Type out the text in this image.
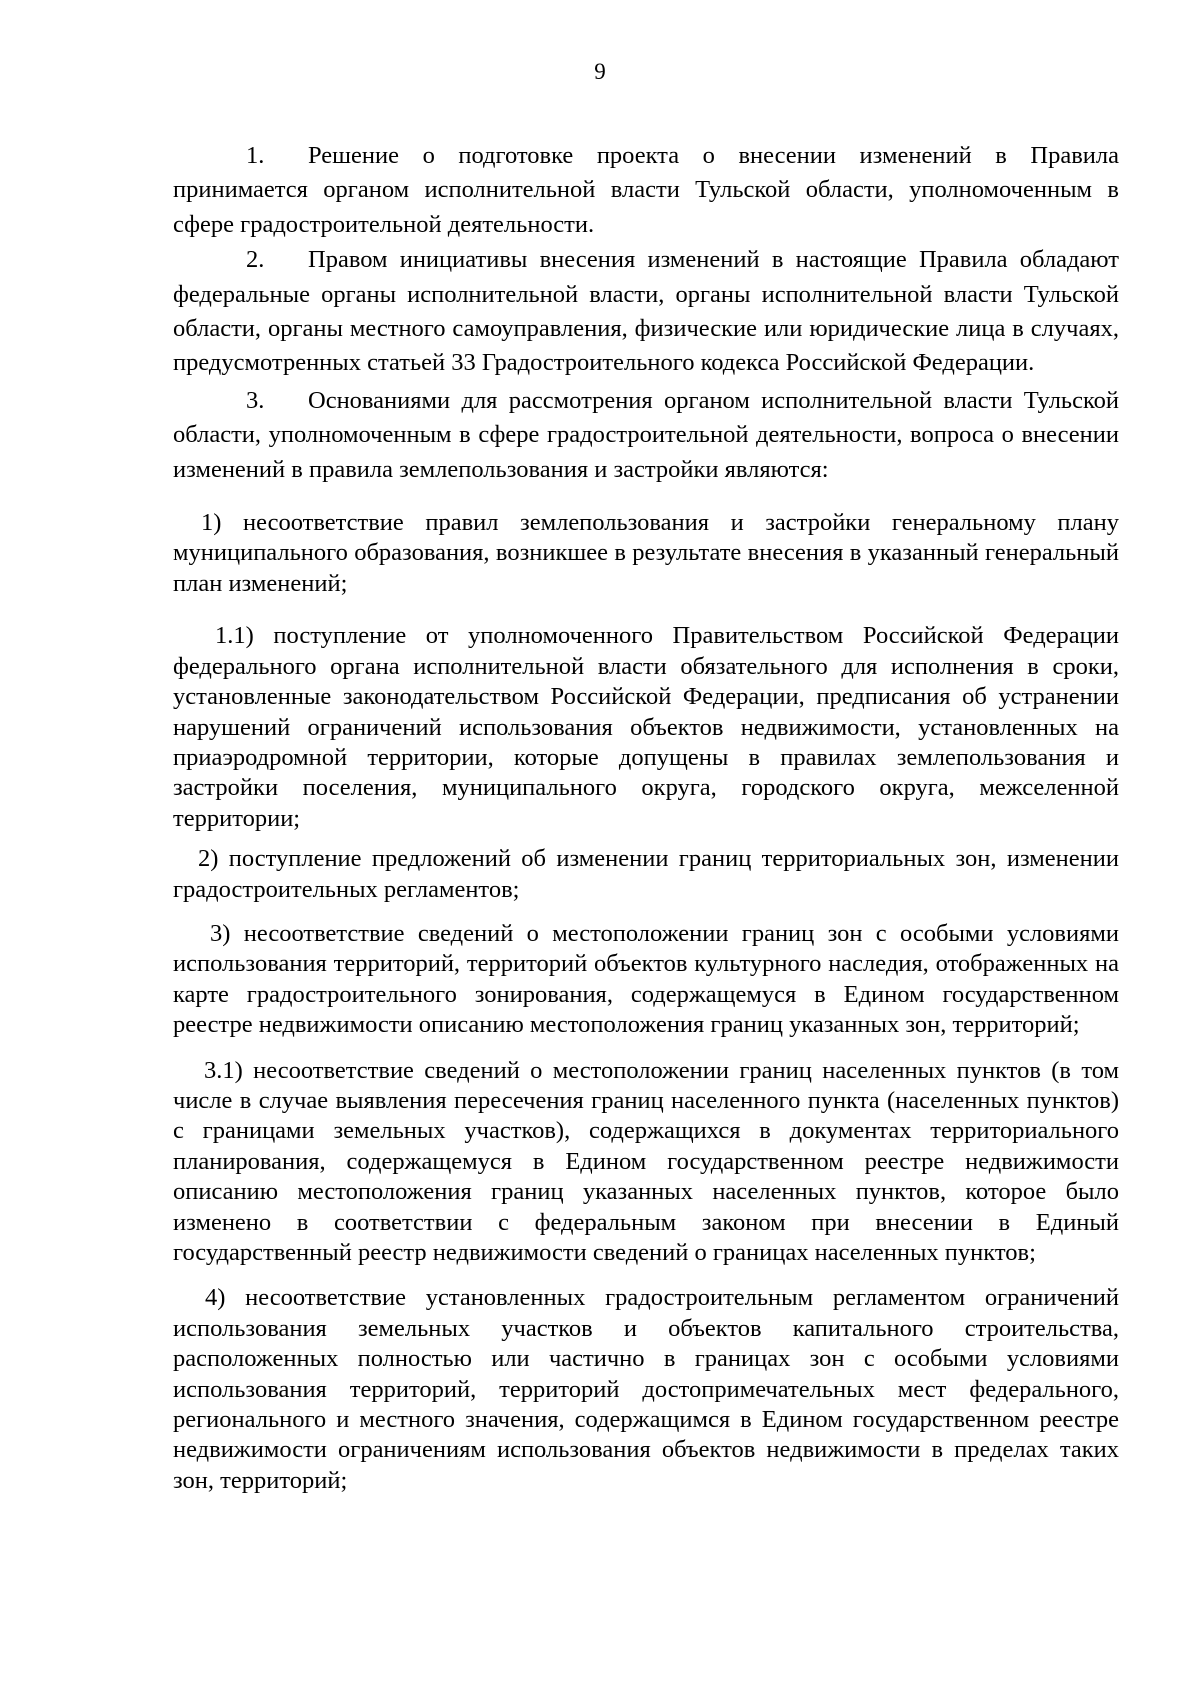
9

1. Решение о подготовке проекта о внесении изменений в Правила принимается органом исполнительной власти Тульской области, уполномоченным в сфере градостроительной деятельности.

2. Правом инициативы внесения изменений в настоящие Правила обладают федеральные органы исполнительной власти, органы исполнительной власти Тульской области, органы местного самоуправления, физические или юридические лица в случаях, предусмотренных статьей 33 Градостроительного кодекса Российской Федерации.

3. Основаниями для рассмотрения органом исполнительной власти Тульской области, уполномоченным в сфере градостроительной деятельности, вопроса о внесении изменений в правила землепользования и застройки являются:

1) несоответствие правил землепользования и застройки генеральному плану муниципального образования, возникшее в результате внесения в указанный генеральный план изменений;

1.1) поступление от уполномоченного Правительством Российской Федерации федерального органа исполнительной власти обязательного для исполнения в сроки, установленные законодательством Российской Федерации, предписания об устранении нарушений ограничений использования объектов недвижимости, установленных на приаэродромной территории, которые допущены в правилах землепользования и застройки поселения, муниципального округа, городского округа, межселенной территории;

2) поступление предложений об изменении границ территориальных зон, изменении градостроительных регламентов;

3) несоответствие сведений о местоположении границ зон с особыми условиями использования территорий, территорий объектов культурного наследия, отображенных на карте градостроительного зонирования, содержащемуся в Едином государственном реестре недвижимости описанию местоположения границ указанных зон, территорий;

3.1) несоответствие сведений о местоположении границ населенных пунктов (в том числе в случае выявления пересечения границ населенного пункта (населенных пунктов) с границами земельных участков), содержащихся в документах территориального планирования, содержащемуся в Едином государственном реестре недвижимости описанию местоположения границ указанных населенных пунктов, которое было изменено в соответствии с федеральным законом при внесении в Единый государственный реестр недвижимости сведений о границах населенных пунктов;

4) несоответствие установленных градостроительным регламентом ограничений использования земельных участков и объектов капитального строительства, расположенных полностью или частично в границах зон с особыми условиями использования территорий, территорий достопримечательных мест федерального, регионального и местного значения, содержащимся в Едином государственном реестре недвижимости ограничениям использования объектов недвижимости в пределах таких зон, территорий;
